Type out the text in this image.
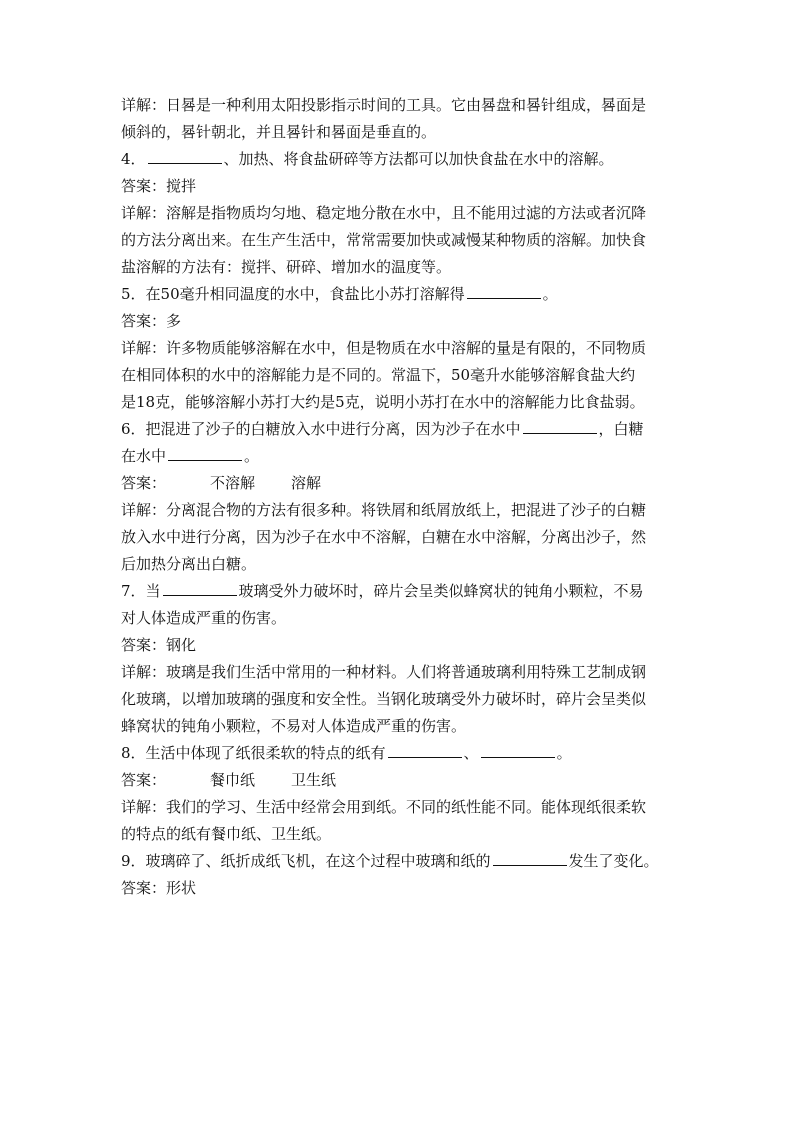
详解：日晷是一种利用太阳投影指示时间的工具。它由晷盘和晷针组成，晷面是
倾斜的，晷针朝北，并且晷针和晷面是垂直的。
4．	、加热、将食盐研碎等方法都可以加快食盐在水中的溶解。
答案：搅拌
详解：溶解是指物质均匀地、稳定地分散在水中，且不能用过滤的方法或者沉降
的方法分离出来。在生产生活中，常常需要加快或减慢某种物质的溶解。加快食
盐溶解的方法有：搅拌、研碎、增加水的温度等。
5．在50毫升相同温度的水中，食盐比小苏打溶解得	。
答案：多
详解：许多物质能够溶解在水中，但是物质在水中溶解的量是有限的，不同物质
在相同体积的水中的溶解能力是不同的。常温下，50毫升水能够溶解食盐大约
是18克，能够溶解小苏打大约是5克，说明小苏打在水中的溶解能力比食盐弱。
6．把混进了沙子的白糖放入水中进行分离，因为沙子在水中	，白糖
在水中	。
答案：	不溶解 溶解
详解：分离混合物的方法有很多种。将铁屑和纸屑放纸上，把混进了沙子的白糖
放入水中进行分离，因为沙子在水中不溶解，白糖在水中溶解，分离出沙子，然
后加热分离出白糖。
7．当	玻璃受外力破坏时，碎片会呈类似蜂窝状的钝角小颗粒，不易
对人体造成严重的伤害。
答案：钢化
详解：玻璃是我们生活中常用的一种材料。人们将普通玻璃利用特殊工艺制成钢
化玻璃，以增加玻璃的强度和安全性。当钢化玻璃受外力破坏时，碎片会呈类似
蜂窝状的钝角小颗粒，不易对人体造成严重的伤害。
8．生活中体现了纸很柔软的特点的纸有	、	。
答案：	餐巾纸 卫生纸
详解：我们的学习、生活中经常会用到纸。不同的纸性能不同。能体现纸很柔软
的特点的纸有餐巾纸、卫生纸。
9．玻璃碎了、纸折成纸飞机，在这个过程中玻璃和纸的	发生了变化。
答案：形状
